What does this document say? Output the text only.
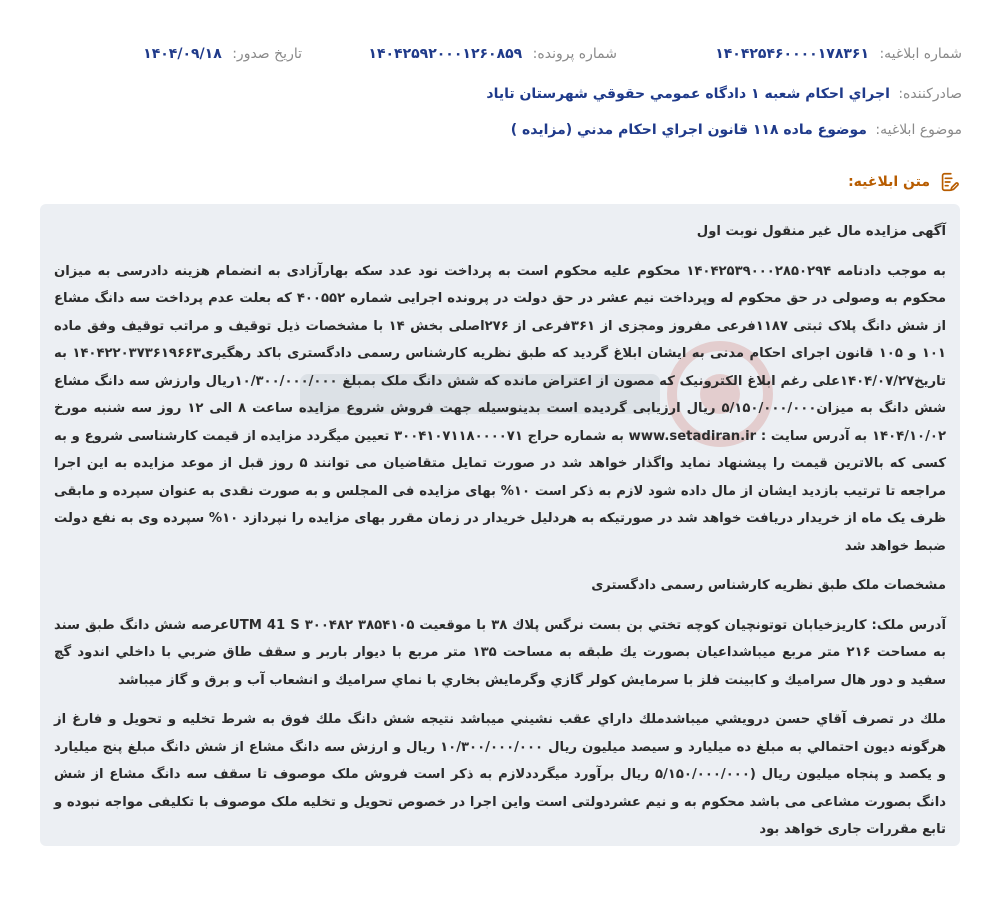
شماره ابلاغیه: ۱۴۰۴۲۵۴۶۰۰۰۰۱۷۸۳۶۱
شماره پرونده: ۱۴۰۴۲۵۹۲۰۰۰۱۲۶۰۸۵۹
تاریخ صدور: ۱۴۰۴/۰۹/۱۸
صادرکننده: اجراي احكام شعبه ۱ دادگاه عمومي حقوقي شهرستان تاياد
موضوع ابلاغیه: موضوع ماده ۱۱۸ قانون اجراي احكام مدني (مزايده )
متن ابلاغیه:

آگهی مزایده مال غیر منقول نوبت اول

به موجب دادنامه ۱۴۰۴۲۵۳۹۰۰۰۲۸۵۰۲۹۴ محکوم علیه محکوم است به پرداخت نود عدد سکه بهارآزادی به انضمام هزینه دادرسی به میزان محکوم به وصولی در حق محکوم له وپرداخت نیم عشر در حق دولت در پرونده اجرایی شماره ۴۰۰۵۵۲ که بعلت عدم پرداخت سه دانگ مشاع از شش دانگ پلاک ثبتی ۱۱۸۷فرعی مفروز ومجزی از ۳۶۱فرعی از ۲۷۶اصلی بخش ۱۴ با مشخصات ذیل توقیف و مراتب توقیف وفق ماده ۱۰۱ و ۱۰۵ قانون اجرای احکام مدنی به ایشان ابلاغ گردید که طبق نظریه کارشناس رسمی دادگستری باکد رهگیری۱۴۰۴۲۲۰۳۷۳۶۱۹۶۶۳ به تاریخ۱۴۰۴/۰۷/۲۷علی رغم ابلاغ الکترونیک که مصون از اعتراض مانده که شش دانگ ملک بمبلغ ۱۰/۳۰۰/۰۰۰/۰۰۰ریال وارزش سه دانگ مشاع شش دانگ به میزان۵/۱۵۰/۰۰۰/۰۰۰ ریال ارزیابی گردیده است بدینوسیله جهت فروش شروع مزایده ساعت ۸ الی ۱۲ روز سه شنبه مورخ ۱۴۰۴/۱۰/۰۲ به آدرس سایت : www.setadiran.ir به شماره حراج ۳۰۰۴۱۰۷۱۱۸۰۰۰۰۷۱ تعیین میگردد مزایده از قیمت کارشناسی شروع و به کسی که بالاترین قیمت را پیشنهاد نماید واگذار خواهد شد در صورت تمایل متقاضیان می توانند ۵ روز قبل از موعد مزایده به این اجرا مراجعه تا ترتیب بازدید ایشان از مال داده شود لازم به ذکر است ۱۰% بهای مزایده فی المجلس و به صورت نقدی به عنوان سپرده و مابقی ظرف یک ماه از خریدار دریافت خواهد شد در صورتیکه به هردلیل خریدار در زمان مقرر بهای مزایده را نپردازد ۱۰% سپرده وی به نفع دولت ضبط خواهد شد

مشخصات ملک طبق نظریه کارشناس رسمی دادگستری

آدرس ملک: كاريزخيابان توتونچيان كوچه تختي بن بست نرگس پلاك ۳۸ با موقعيت UTM 41 S ۳۰۰۴۸۲ ۳۸۵۴۱۰۵عرصه شش دانگ طبق سند به مساحت ۲۱۶ متر مربع ميباشداعيان بصورت يك طبقه به مساحت ۱۳۵ متر مربع با ديوار باربر و سقف طاق ضربي با داخلي اندود گچ سفيد و دور هال سراميك و كابينت فلز با سرمايش كولر گازي وگرمايش بخاري با نماي سراميك و انشعاب آب و برق و گاز ميباشد

ملك در تصرف آقاي حسن درويشي ميباشدملك داراي عقب نشيني ميباشد نتيجه شش دانگ ملك فوق به شرط تخليه و تحويل و فارغ از هرگونه ديون احتمالي به مبلغ ده ميليارد و سيصد ميليون ريال ۱۰/۳۰۰/۰۰۰/۰۰۰ ريال و ارزش سه دانگ مشاع از شش دانگ مبلغ پنج ميليارد و يكصد و پنجاه ميليون ريال (۵/۱۵۰/۰۰۰/۰۰۰ ريال برآورد ميگرددلازم به ذکر است فروش ملک موصوف تا سقف سه دانگ مشاع از شش دانگ بصورت مشاعی می باشد محکوم به و نیم عشردولتی است واین اجرا در خصوص تحویل و تخلیه ملک موصوف با تکلیفی مواجه نبوده و تابع مقررات جاری خواهد بود
